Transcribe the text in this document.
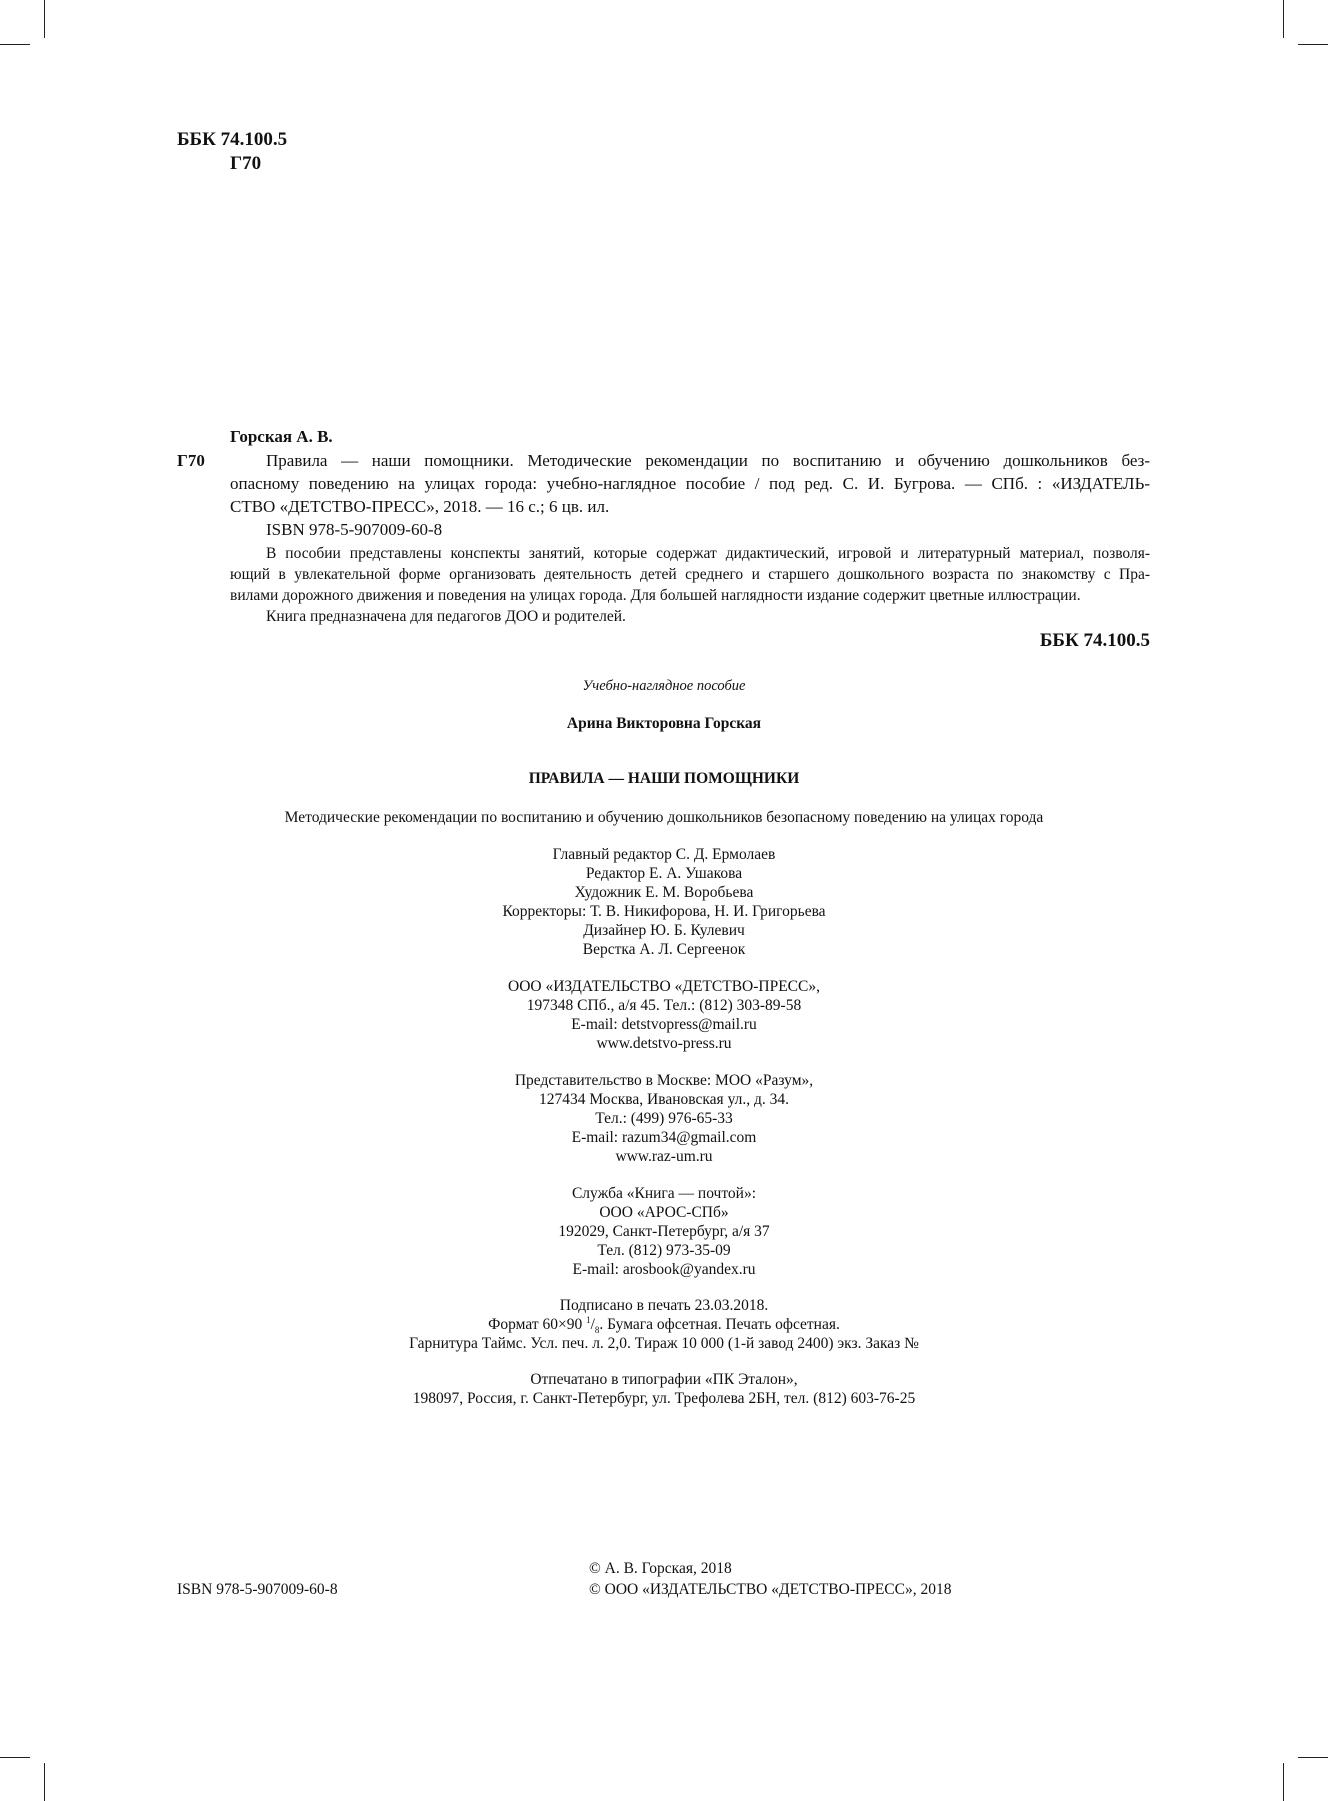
ББК 74.100.5
Г70
Горская А. В.
Г70	Правила — наши помощники. Методические рекомендации по воспитанию и обучению дошкольников без-
опасному поведению на улицах города: учебно-наглядное пособие / под ред. С. И. Бугрова. — СПб. : «ИЗДАТЕЛЬ-
СТВО «ДЕТСТВО-ПРЕСС», 2018. — 16 с.; 6 цв. ил.
ISBN 978-5-907009-60-8
В пособии представлены конспекты занятий, которые содержат дидактический, игровой и литературный материал, позволя-
ющий в увлекательной форме организовать деятельность детей среднего и старшего дошкольного возраста по знакомству с Пра-
вилами дорожного движения и поведения на улицах города. Для большей наглядности издание содержит цветные иллюстрации.
Книга предназначена для педагогов ДОО и родителей.
ББК 74.100.5
Учебно-наглядное пособие
Арина Викторовна Горская
ПРАВИЛА — НАШИ ПОМОЩНИКИ
Методические рекомендации по воспитанию и обучению дошкольников безопасному поведению на улицах города
Главный редактор С. Д. Ермолаев
Редактор Е. А. Ушакова
Художник Е. М. Воробьева
Корректоры: Т. В. Никифорова, Н. И. Григорьева
Дизайнер Ю. Б. Кулевич
Верстка А. Л. Сергеенок
ООО «ИЗДАТЕЛЬСТВО «ДЕТСТВО-ПРЕСС»,
197348 СПб., а/я 45. Тел.: (812) 303-89-58
E-mail: detstvopress@mail.ru
www.detstvo-press.ru
Представительство в Москве: МОО «Разум»,
127434 Москва, Ивановская ул., д. 34.
Тел.: (499) 976-65-33
E-mail: razum34@gmail.com
www.raz-um.ru
Служба «Книга — почтой»:
ООО «АРОС-СПб»
192029, Санкт-Петербург, а/я 37
Тел. (812) 973-35-09
E-mail: arosbook@yandex.ru
Подписано в печать 23.03.2018.
Формат 60×90 $^1/_8$. Бумага офсетная. Печать офсетная.
Гарнитура Таймс. Усл. печ. л. 2,0. Тираж 10 000 (1-й завод 2400) экз. Заказ №
Отпечатано в типографии «ПК Эталон»,
198097, Россия, г. Санкт-Петербург, ул. Трефолева 2БН, тел. (812) 603-76-25
ISBN 978-5-907009-60-8
© А. В. Горская, 2018
© ООО «ИЗДАТЕЛЬСТВО «ДЕТСТВО-ПРЕСС», 2018
